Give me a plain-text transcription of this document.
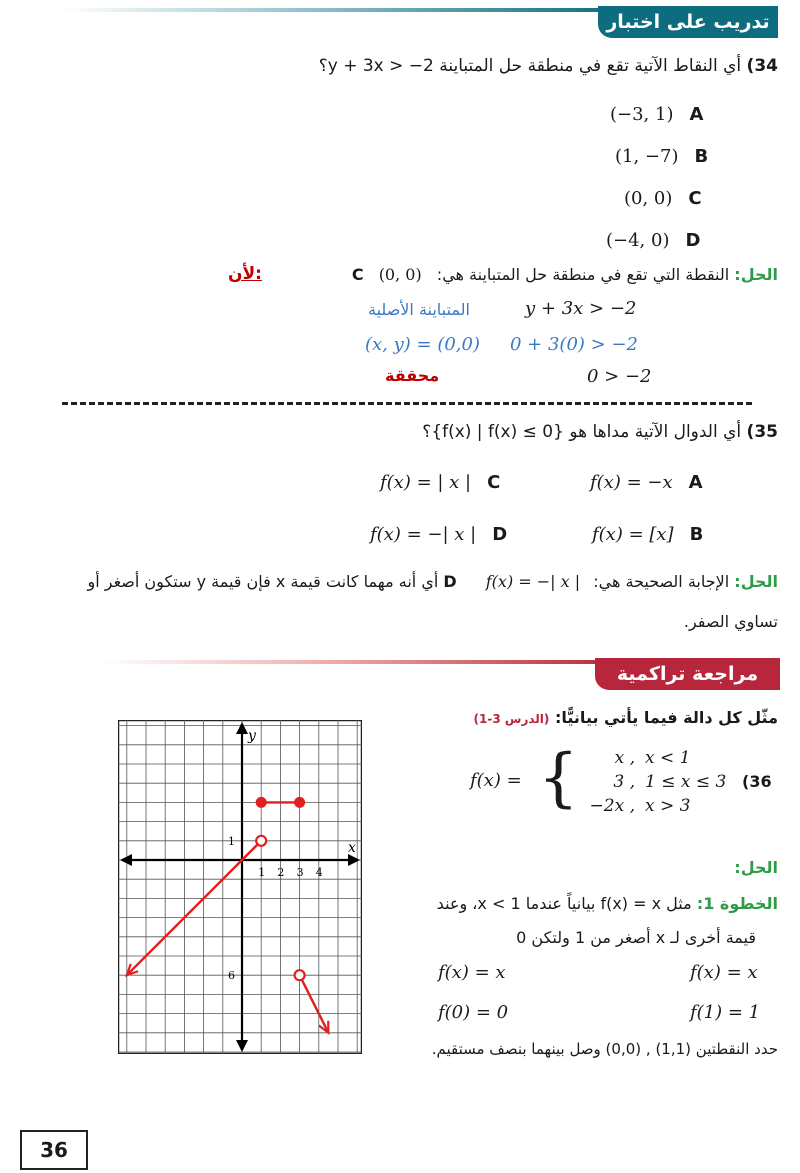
تدريب على اختبار
34) أي النقاط الآتية تقع في منطقة حل المتباينة y + 3x > −2؟
(−3, 1) A
(1, −7) B
(0, 0) C
(−4, 0) D
الحل: النقطة التي تقع في منطقة حل المتباينة هي: C (0, 0)
لأن:
y + 3x > −2
المتباينة الأصلية
0 + 3(0) > −2
(x, y) = (0,0)
0 > −2
محققة
35) أي الدوال الآتية مداها هو {f(x) | f(x) ≤ 0}؟
f(x) = | x | C	f(x) = −x A
f(x) = −| x | D	f(x) = [x] B
الحل: الإجابة الصحيحة هي: D f(x) = −| x | أي أنه مهما كانت قيمة x فإن قيمة y ستكون أصغر أو
تساوي الصفر.
مراجعة تراكمية
مثّل كل دالة فيما يأتي بيانيًّا: (الدرس 3-1)
f(x) = {	x , x < 1
3 , 1 ≤ x ≤ 3
−2x , x > 3
(36
الحل:
الخطوة 1: مثل f(x) = x بيانياً عندما x < 1، وعند
قيمة أخرى لـ x أصغر من 1 ولتكن 0
f(x) = x	f(x) = x
f(0) = 0	f(1) = 1
حدد النقطتين (1,1) , (0,0) وصل بينهما بنصف مستقيم.
x
y
1 2 3 4
1
6
36
